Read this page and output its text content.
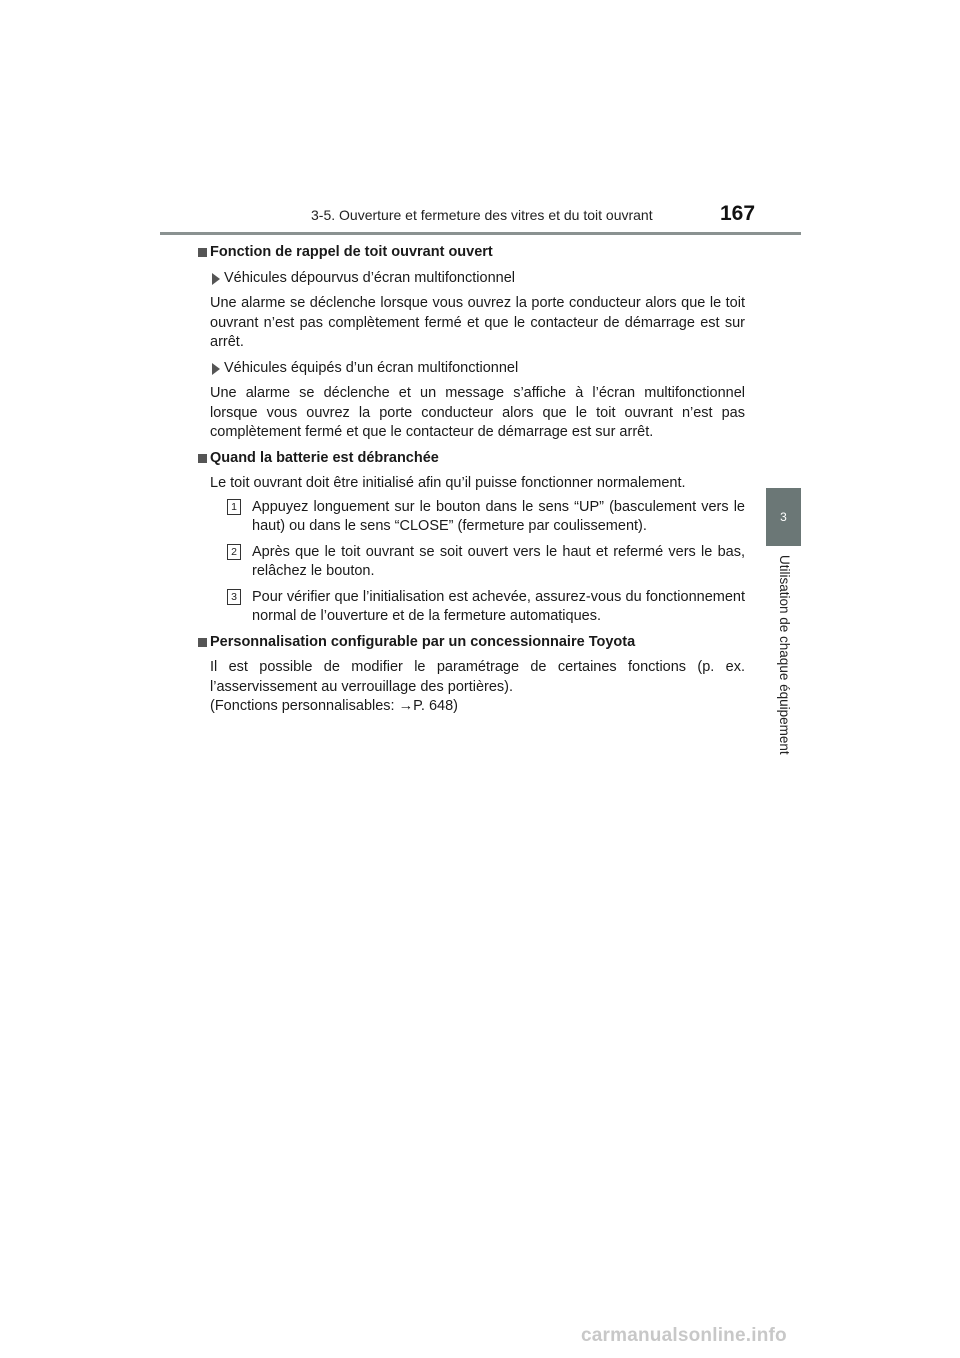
3-5. Ouverture et fermeture des vitres et du toit ouvrant	167
3
Utilisation de chaque équipement
Fonction de rappel de toit ouvrant ouvert
Véhicules dépourvus d’écran multifonctionnel
Une alarme se déclenche lorsque vous ouvrez la porte conducteur alors que le toit ouvrant n’est pas complètement fermé et que le contacteur de démarrage est sur arrêt.
Véhicules équipés d’un écran multifonctionnel
Une alarme se déclenche et un message s’affiche à l’écran multifonctionnel lorsque vous ouvrez la porte conducteur alors que le toit ouvrant n’est pas complètement fermé et que le contacteur de démarrage est sur arrêt.
Quand la batterie est débranchée
Le toit ouvrant doit être initialisé afin qu’il puisse fonctionner normalement.
1 Appuyez longuement sur le bouton dans le sens “UP” (basculement vers le haut) ou dans le sens “CLOSE” (fermeture par coulissement).
2 Après que le toit ouvrant se soit ouvert vers le haut et refermé vers le bas, relâchez le bouton.
3 Pour vérifier que l’initialisation est achevée, assurez-vous du fonctionnement normal de l’ouverture et de la fermeture automatiques.
Personnalisation configurable par un concessionnaire Toyota
Il est possible de modifier le paramétrage de certaines fonctions (p. ex. l’asservissement au verrouillage des portières).
(Fonctions personnalisables: →P. 648)
carmanualsonline.info
